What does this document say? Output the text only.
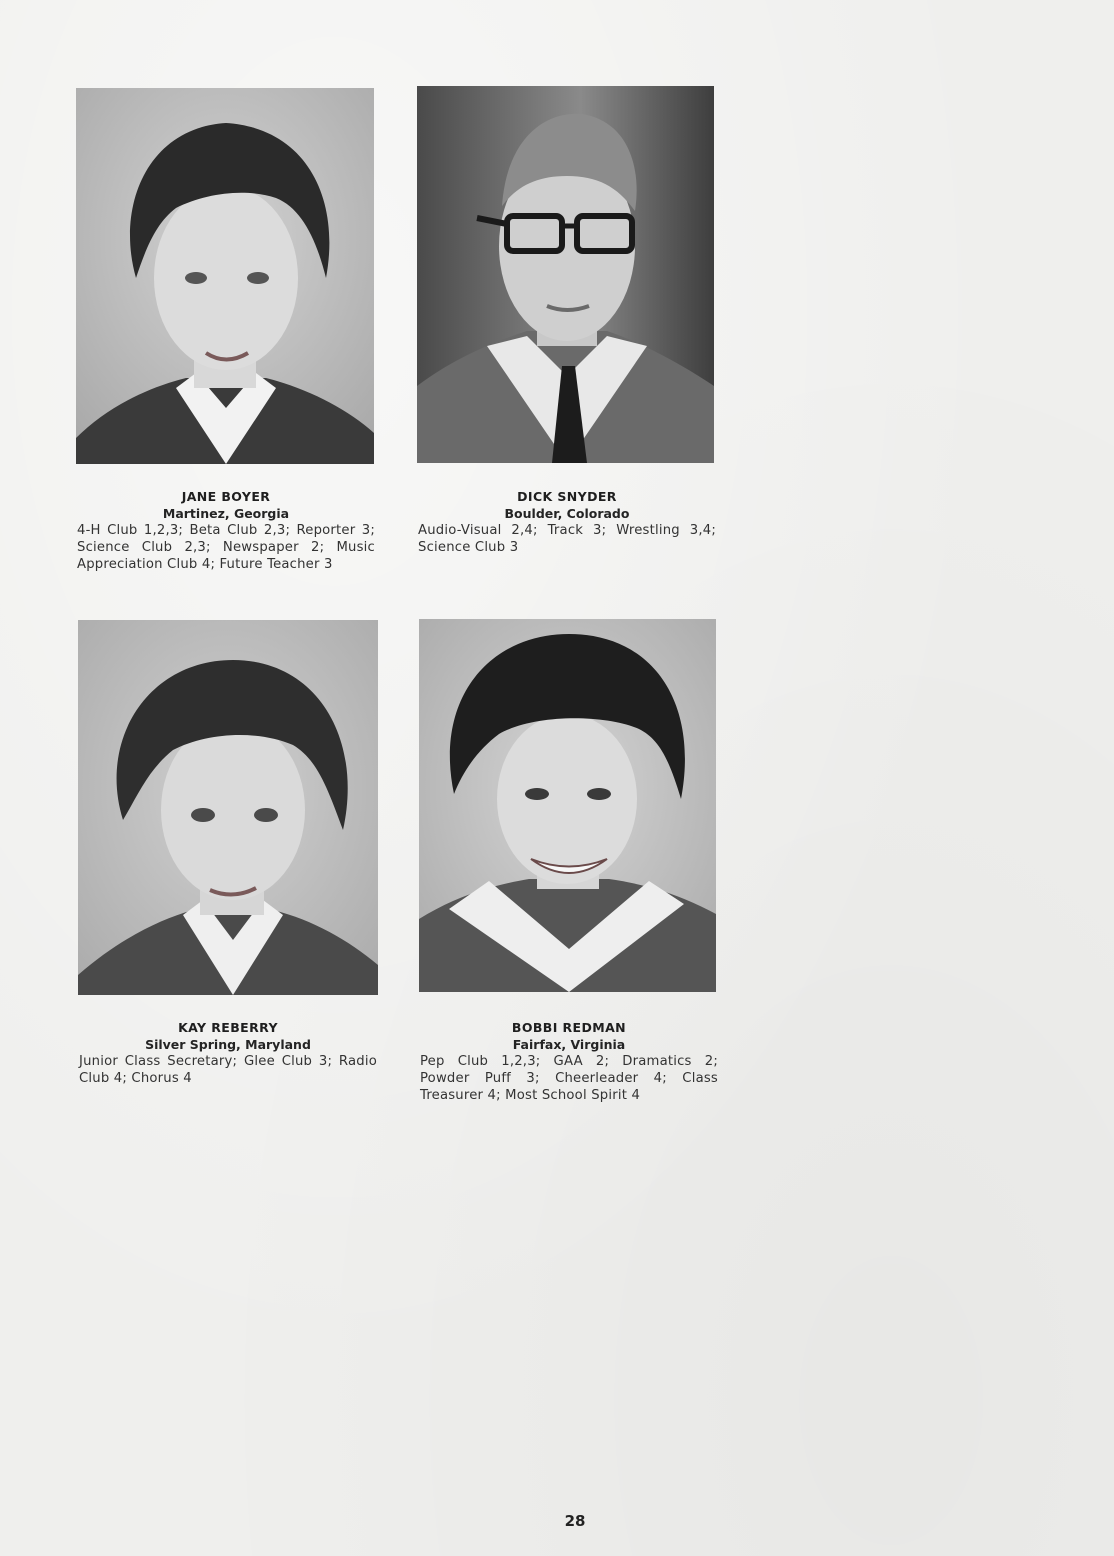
JANE BOYER
Martinez, Georgia
4-H Club 1,2,3; Beta Club 2,3; Reporter 3; Science Club 2,3; Newspaper 2; Music Appreciation Club 4; Future Teacher 3
DICK SNYDER
Boulder, Colorado
Audio-Visual 2,4; Track 3; Wrestling 3,4; Science Club 3
KAY REBERRY
Silver Spring, Maryland
Junior Class Secretary; Glee Club 3; Radio Club 4; Chorus 4
BOBBI REDMAN
Fairfax, Virginia
Pep Club 1,2,3; GAA 2; Dramatics 2; Powder Puff 3; Cheerleader 4; Class Treasurer 4; Most School Spirit 4
28
